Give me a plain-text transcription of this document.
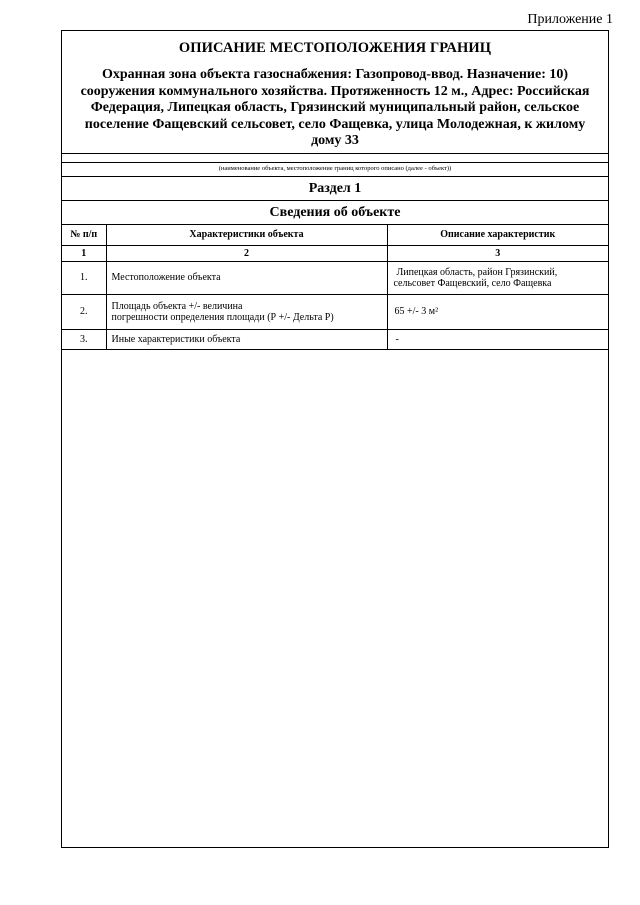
Приложение 1
ОПИСАНИЕ МЕСТОПОЛОЖЕНИЯ ГРАНИЦ
Охранная зона объекта газоснабжения: Газопровод-ввод. Назначение: 10) сооружения коммунального хозяйства. Протяженность 12 м., Адрес: Российская Федерация, Липецкая область, Грязинский муниципальный район, сельское поселение Фащевский сельсовет, село Фащевка, улица Молодежная, к жилому дому 33
(наименование объекта, местоположение границ которого описано (далее - объект))
Раздел 1
Сведения об объекте
№ п/п	Характеристики объекта	Описание характеристик
1	2	3
1.	Местоположение объекта	Липецкая область, район Грязинский,
сельсовет Фащевский, село Фащевка

2.	Площадь объекта +/- величина
погрешности определения площади (Р +/- Дельта Р)	65 +/- 3 м²
3.	Иные характеристики объекта	-
